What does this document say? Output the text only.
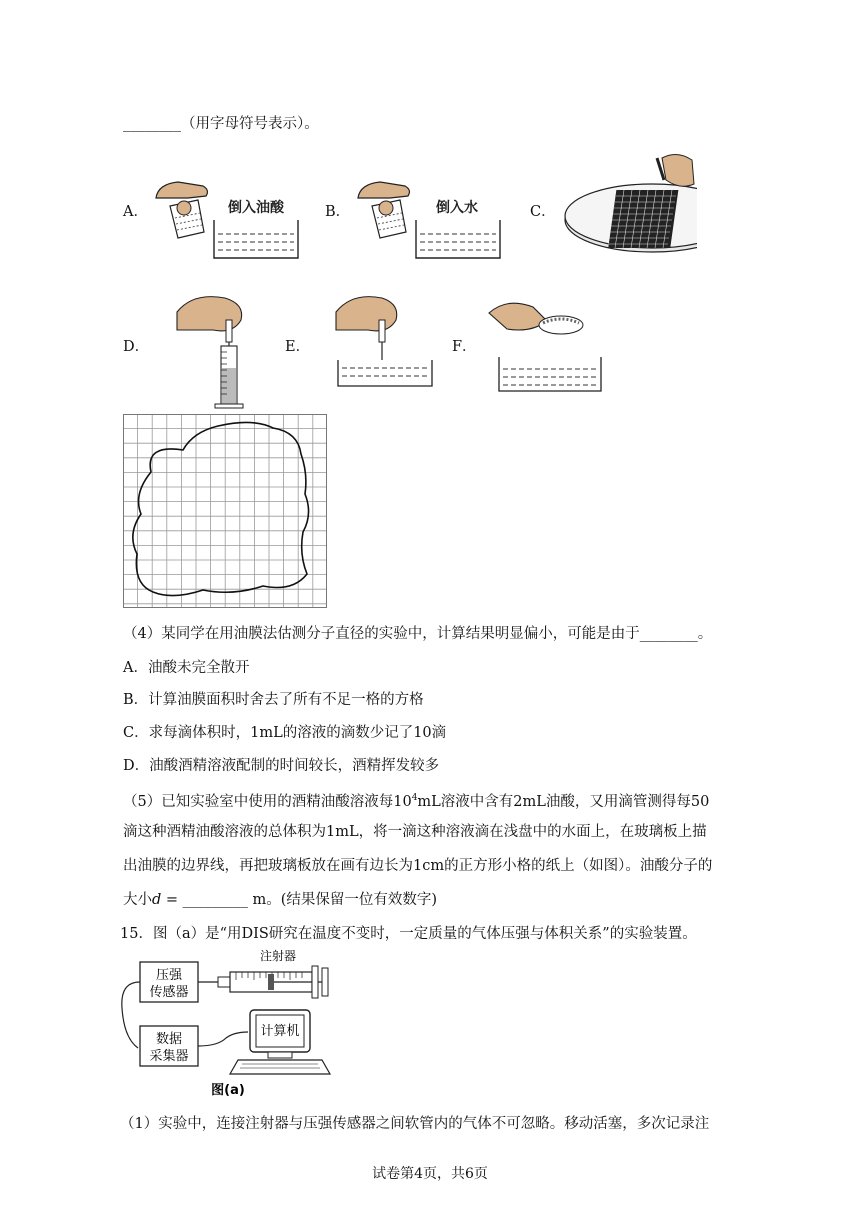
________（用字母符号表示）。
A．	倒入油酸	B．	倒入水	C．
D．	E．	F．
（4）某同学在用油膜法估测分子直径的实验中，计算结果明显偏小，可能是由于________。
A．油酸未完全散开
B．计算油膜面积时舍去了所有不足一格的方格
C．求每滴体积时，1mL的溶液的滴数少记了10滴
D．油酸酒精溶液配制的时间较长，酒精挥发较多
（5）已知实验室中使用的酒精油酸溶液每$10^4mL$溶液中含有2mL油酸，又用滴管测得每50
滴这种酒精油酸溶液的总体积为1mL，将一滴这种溶液滴在浅盘中的水面上，在玻璃板上描
出油膜的边界线，再把玻璃板放在画有边长为1cm的正方形小格的纸上（如图）。油酸分子的
大小d = _________ m。(结果保留一位有效数字)
15．图（a）是“用DIS研究在温度不变时，一定质量的气体压强与体积关系”的实验装置。
压强
传感器
注射器
数据
采集器
计算机
图(a)
（1）实验中，连接注射器与压强传感器之间软管内的气体不可忽略。移动活塞，多次记录注
试卷第4页，共6页
